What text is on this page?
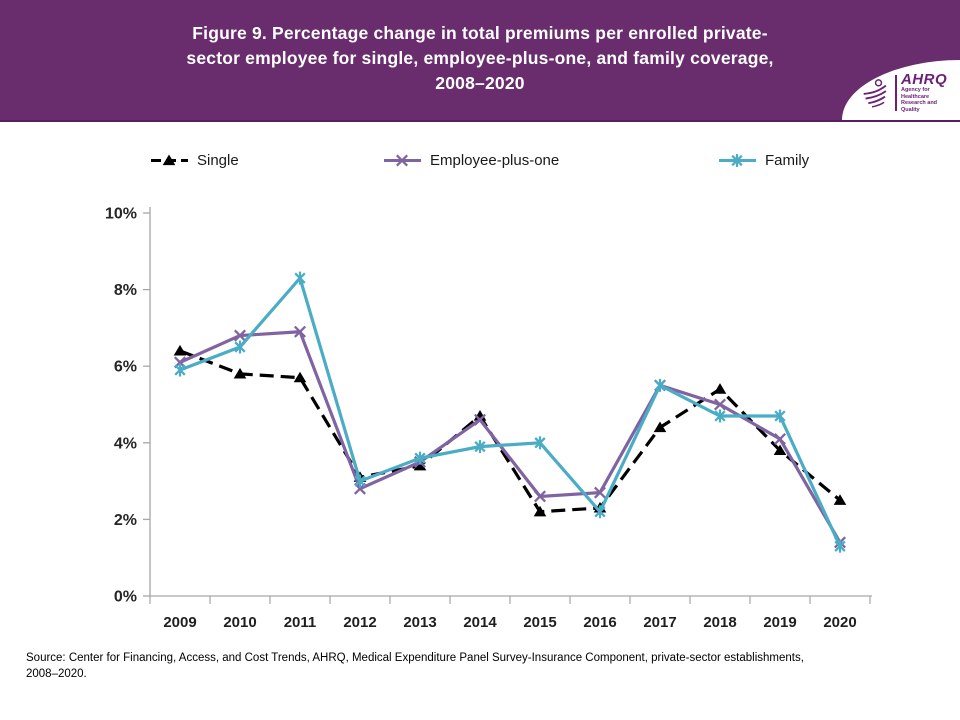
Figure 9. Percentage change in total premiums per enrolled private-
sector employee for single, employee-plus-one, and family coverage,
2008–2020	AHRQ
Agency for Healthcare
Research and Quality
Single	Employee-plus-one	Family
0%
2%
4%
6%
8%
10%
2009 2010 2011 2012 2013 2014 2015 2016 2017 2018 2019 2020
Source: Center for Financing, Access, and Cost Trends, AHRQ, Medical Expenditure Panel Survey-Insurance Component, private-sector establishments,
2008–2020.
